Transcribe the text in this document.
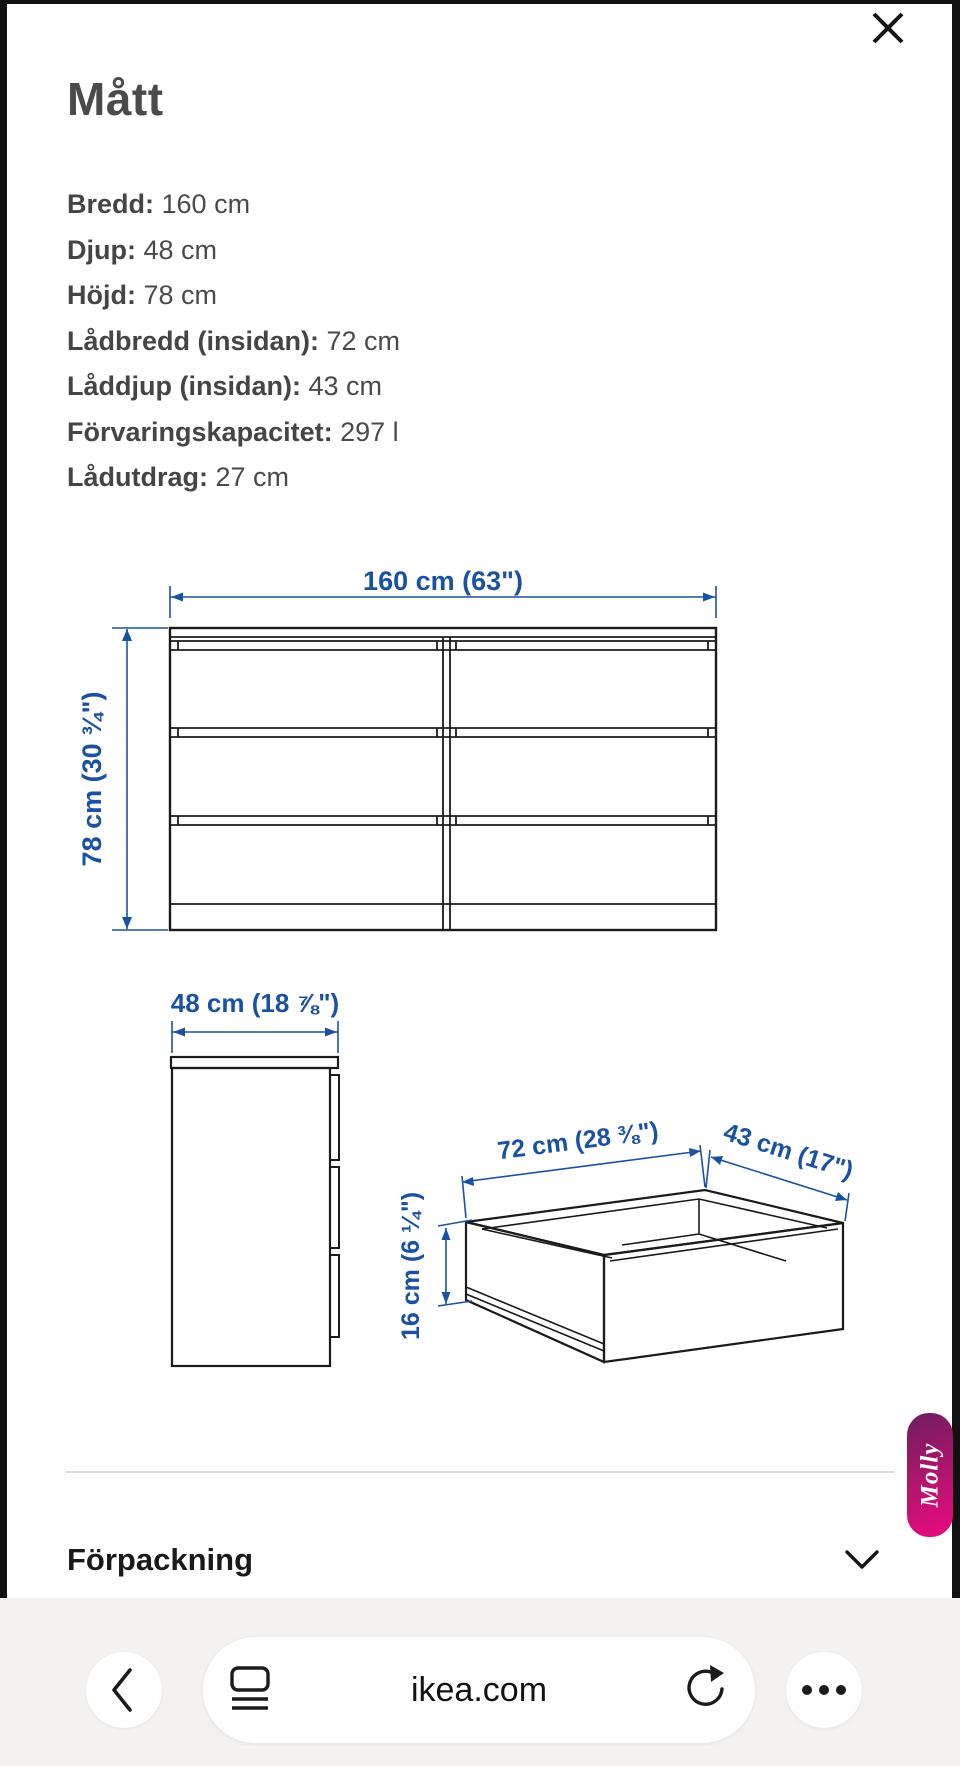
Mått
Bredd: 160 cm
Djup: 48 cm
Höjd: 78 cm
Lådbredd (insidan): 72 cm
Låddjup (insidan): 43 cm
Förvaringskapacitet: 297 l
Lådutdrag: 27 cm
160 cm (63")
78 cm (30 ¾")
48 cm (18 ⅞")
72 cm (28 ⅜") 43 cm (17")
16 cm (6 ¼")
Molly
Förpackning
ikea.com
